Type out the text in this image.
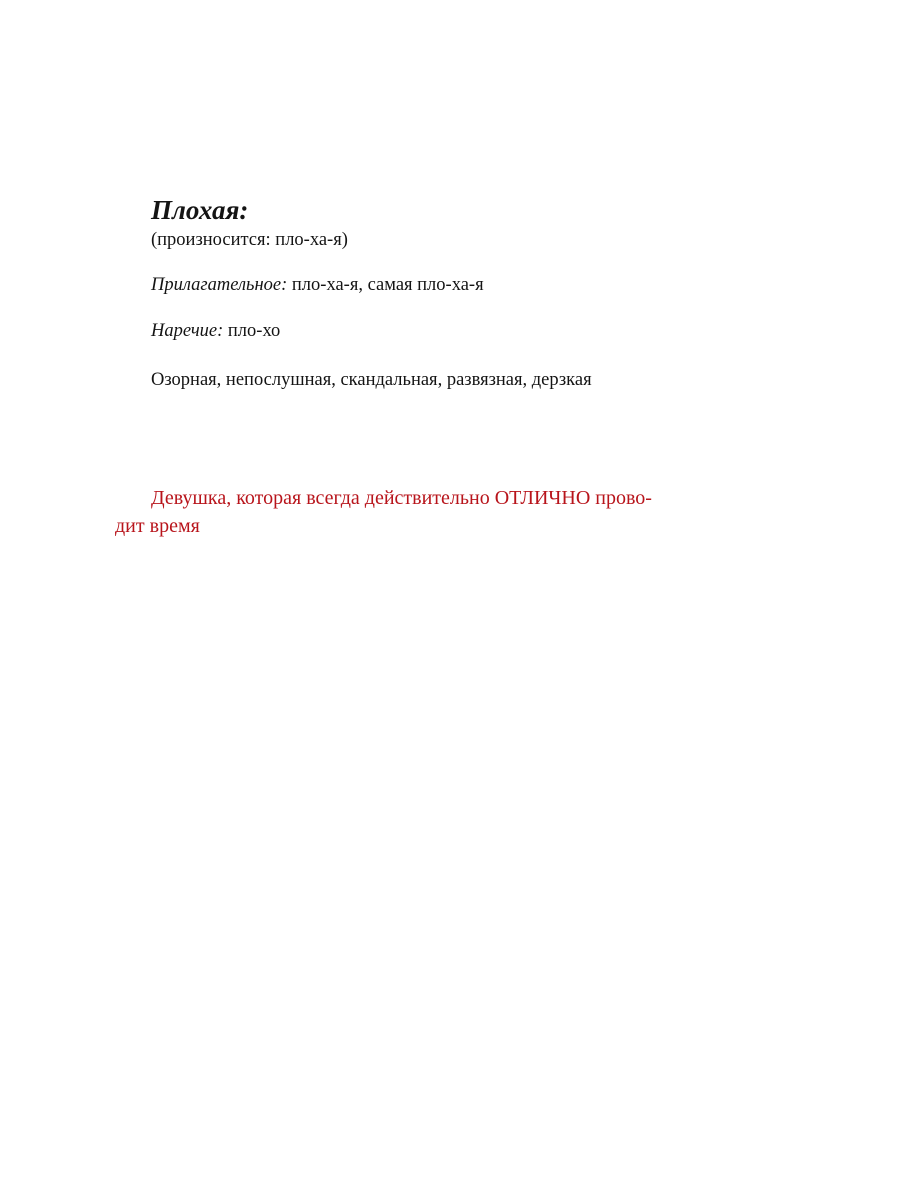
Плохая:

(произносится: пло-ха-я)

Прилагательное: пло-ха-я, самая пло-ха-я

Наречие: пло-хо

Озорная, непослушная, скандальная, развязная, дерзкая

Девушка, которая всегда действительно ОТЛИЧНО прово-
дит время
